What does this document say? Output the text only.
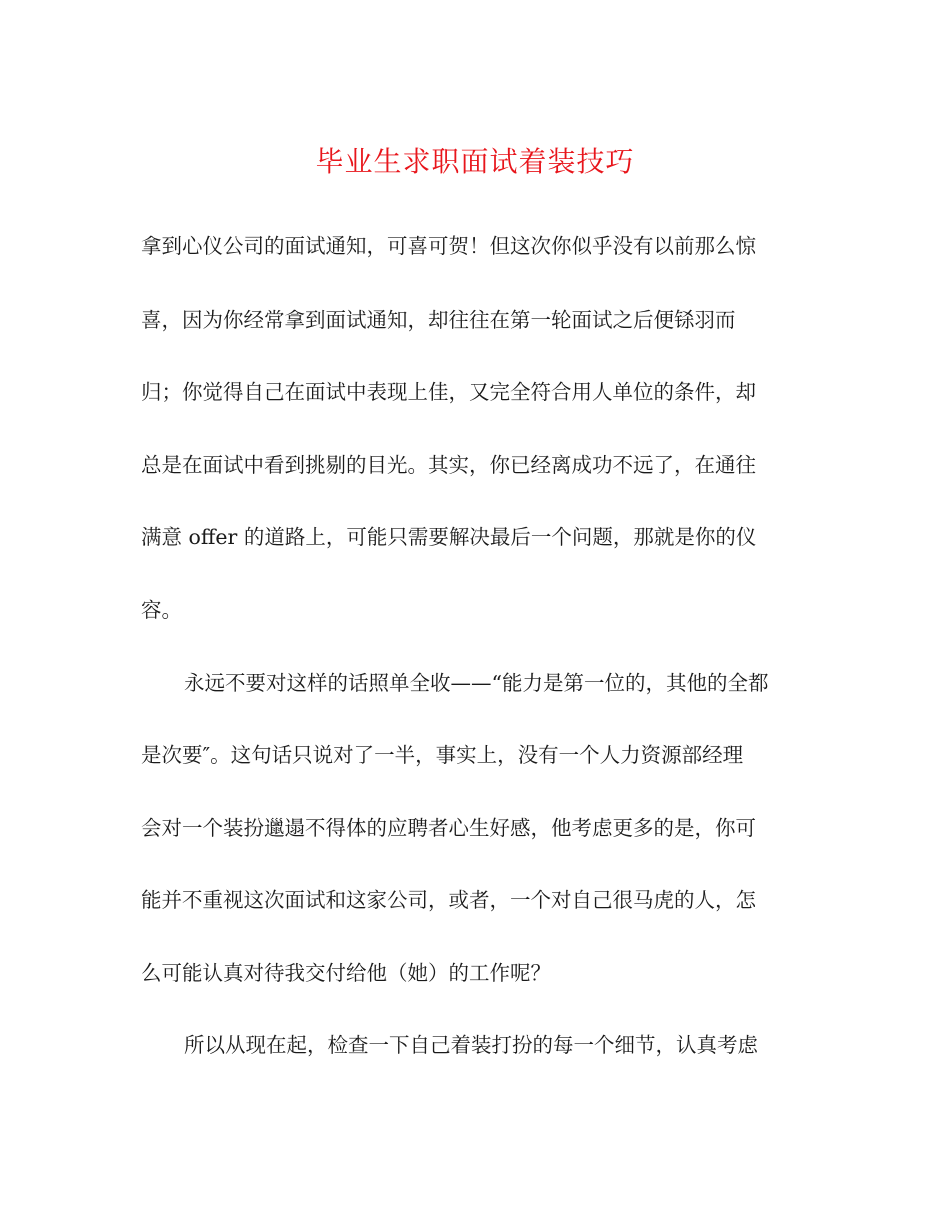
毕业生求职面试着装技巧
拿到心仪公司的面试通知，可喜可贺！但这次你似乎没有以前那么惊
喜，因为你经常拿到面试通知，却往往在第一轮面试之后便铩羽而
归；你觉得自己在面试中表现上佳，又完全符合用人单位的条件，却
总是在面试中看到挑剔的目光。其实，你已经离成功不远了，在通往
满意 offer 的道路上，可能只需要解决最后一个问题，那就是你的仪
容。
永远不要对这样的话照单全收——“能力是第一位的，其他的全都
是次要″。这句话只说对了一半，事实上，没有一个人力资源部经理
会对一个装扮邋遢不得体的应聘者心生好感，他考虑更多的是，你可
能并不重视这次面试和这家公司，或者，一个对自己很马虎的人，怎
么可能认真对待我交付给他（她）的工作呢？
所以从现在起，检查一下自己着装打扮的每一个细节，认真考虑
